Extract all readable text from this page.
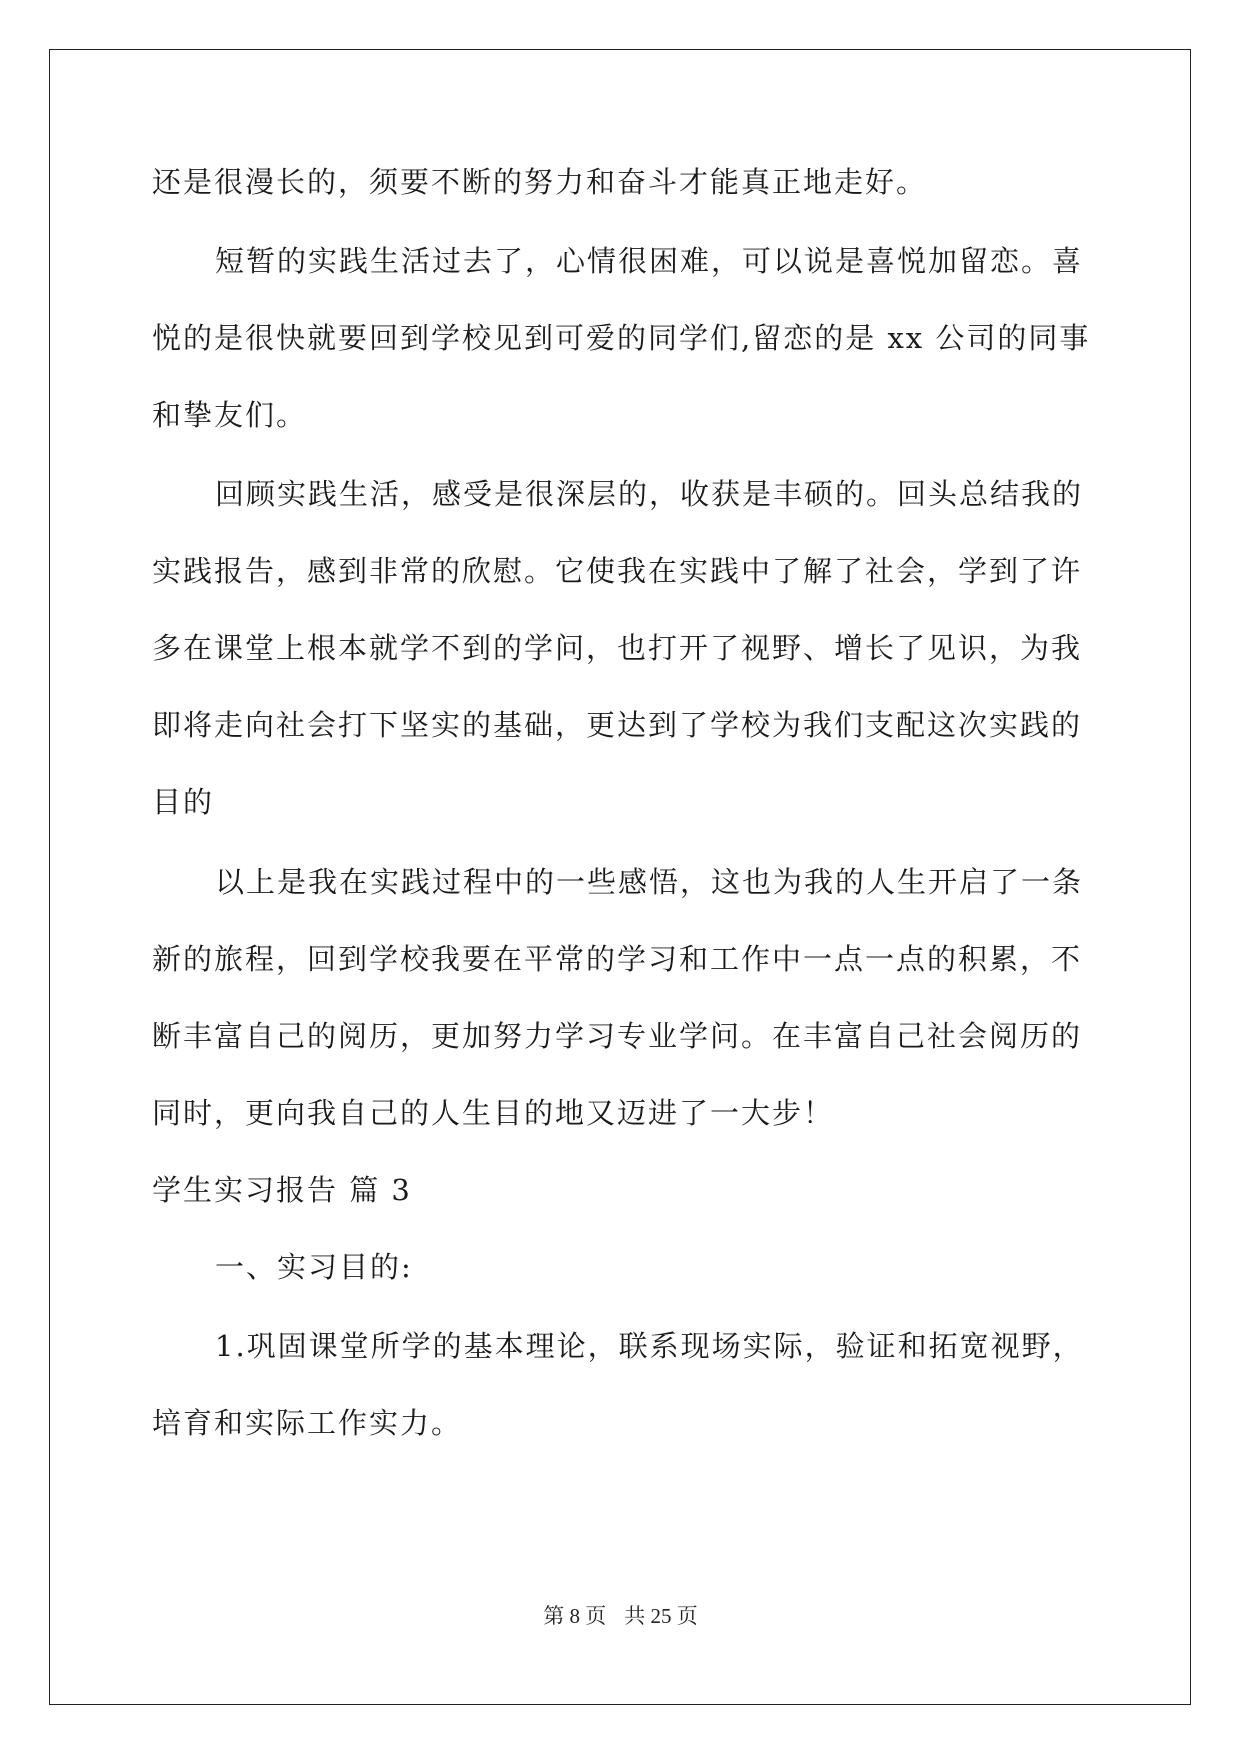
还是很漫长的，须要不断的努力和奋斗才能真正地走好。
短暂的实践生活过去了，心情很困难，可以说是喜悦加留恋。喜
悦的是很快就要回到学校见到可爱的同学们,留恋的是 xx 公司的同事
和挚友们。
回顾实践生活，感受是很深层的，收获是丰硕的。回头总结我的
实践报告，感到非常的欣慰。它使我在实践中了解了社会，学到了许
多在课堂上根本就学不到的学问，也打开了视野、增长了见识，为我
即将走向社会打下坚实的基础，更达到了学校为我们支配这次实践的
目的
以上是我在实践过程中的一些感悟，这也为我的人生开启了一条
新的旅程，回到学校我要在平常的学习和工作中一点一点的积累，不
断丰富自己的阅历，更加努力学习专业学问。在丰富自己社会阅历的
同时，更向我自己的人生目的地又迈进了一大步！
学生实习报告 篇 3
一、实习目的:
1.巩固课堂所学的基本理论，联系现场实际，验证和拓宽视野，
培育和实际工作实力。
第 8 页 共 25 页
